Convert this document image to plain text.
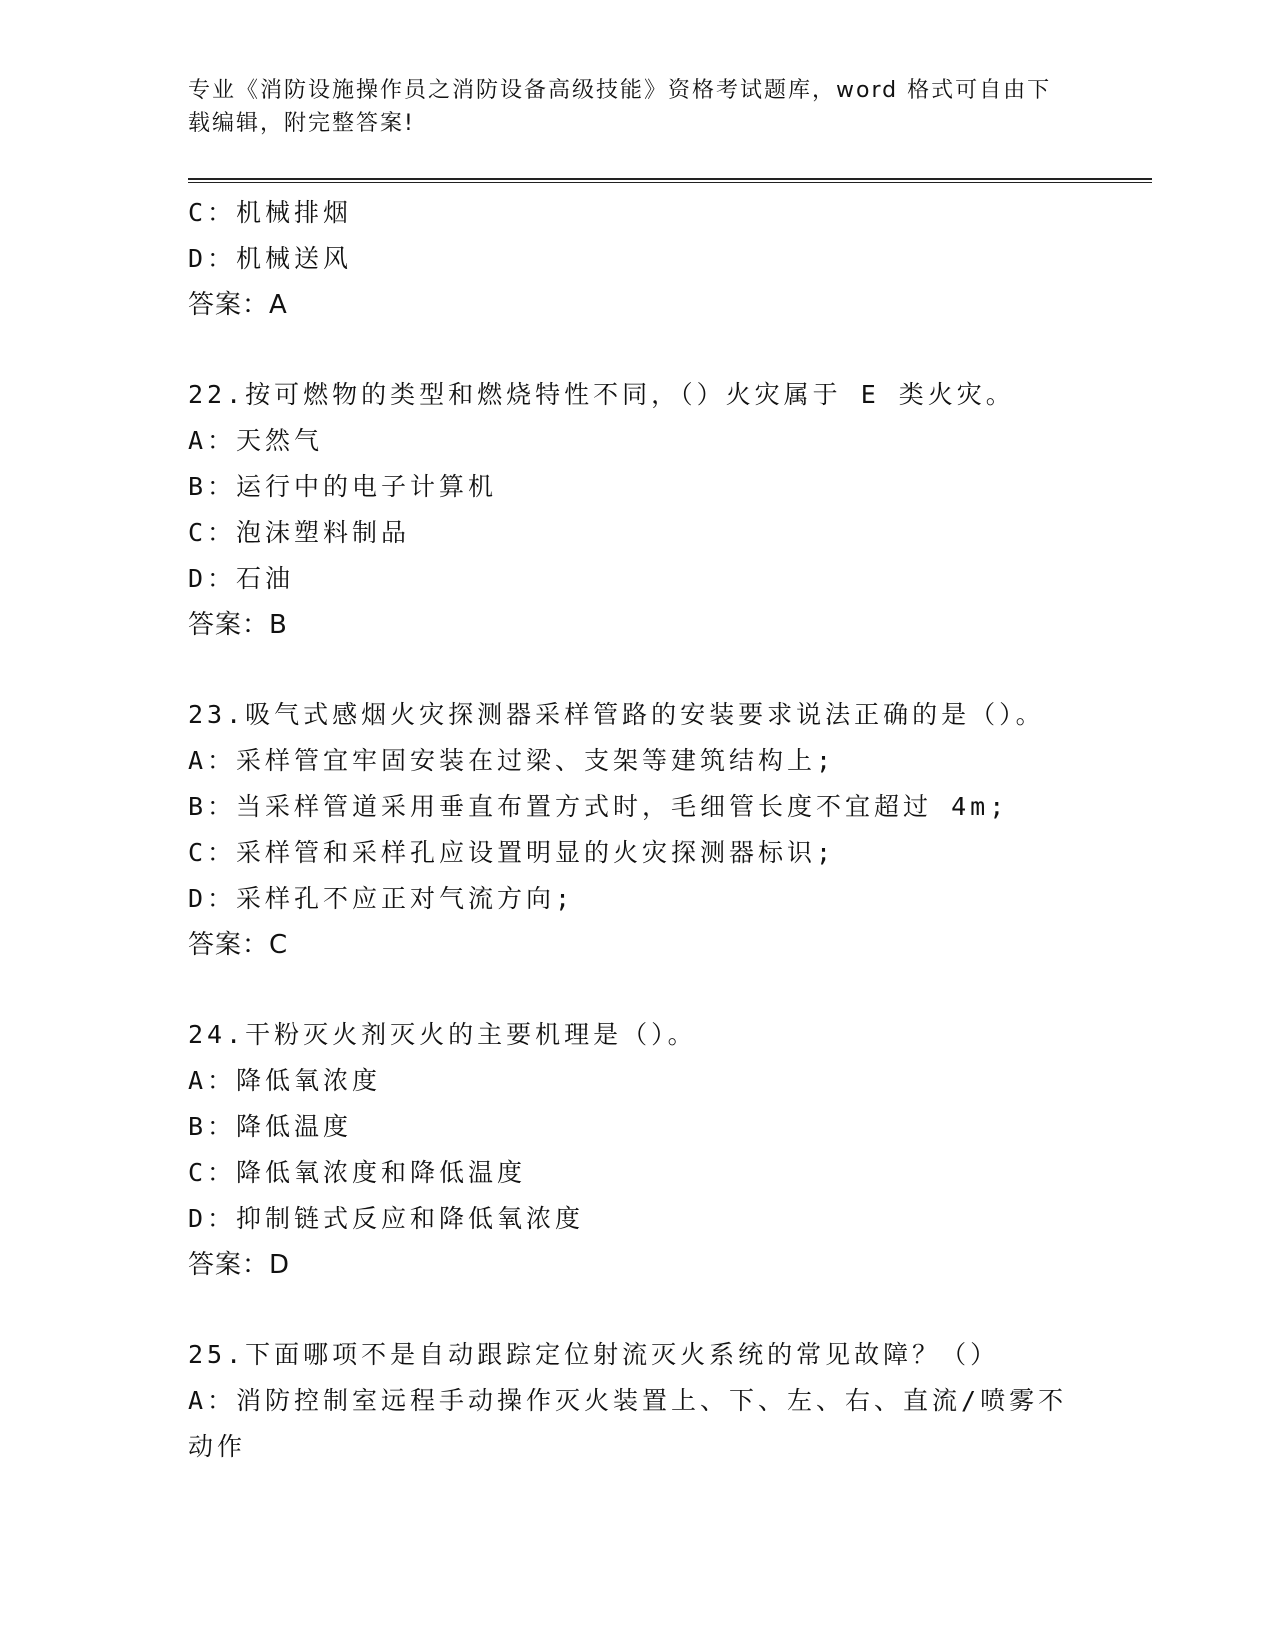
专业《消防设施操作员之消防设备高级技能》资格考试题库，word 格式可自由下
载编辑，附完整答案!
C：机械排烟
D：机械送风
答案：A
22.按可燃物的类型和燃烧特性不同，（）火灾属于 E 类火灾。
A：天然气
B：运行中的电子计算机
C：泡沫塑料制品
D：石油
答案：B
23.吸气式感烟火灾探测器采样管路的安装要求说法正确的是（）。
A：采样管宜牢固安装在过梁、支架等建筑结构上;
B：当采样管道采用垂直布置方式时，毛细管长度不宜超过 4m;
C：采样管和采样孔应设置明显的火灾探测器标识;
D：采样孔不应正对气流方向;
答案：C
24.干粉灭火剂灭火的主要机理是（）。
A：降低氧浓度
B：降低温度
C：降低氧浓度和降低温度
D：抑制链式反应和降低氧浓度
答案：D
25.下面哪项不是自动跟踪定位射流灭火系统的常见故障？（）
A：消防控制室远程手动操作灭火装置上、下、左、右、直流/喷雾不动作
